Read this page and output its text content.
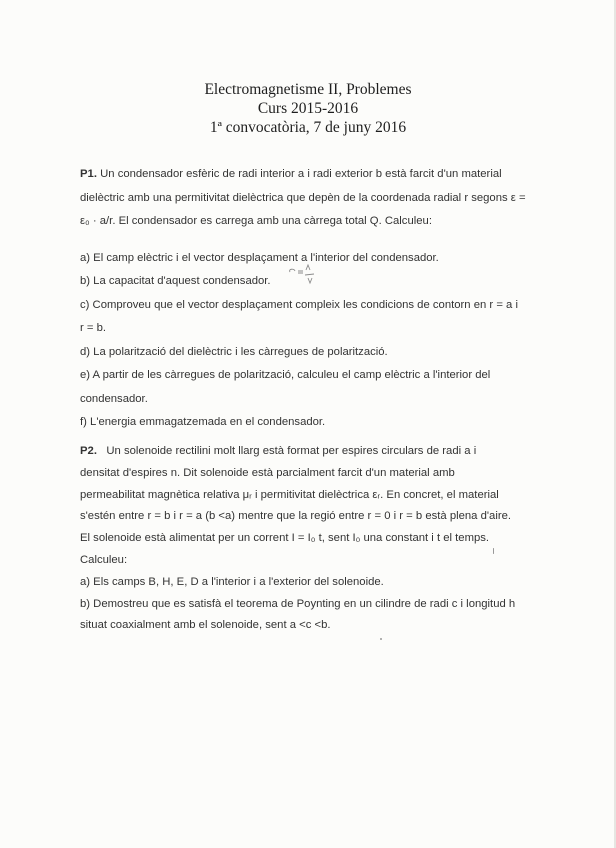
Electromagnetisme II, Problemes
Curs 2015-2016
1ª convocatòria, 7 de juny 2016
P1. Un condensador esfèric de radi interior a i radi exterior b està farcit d'un material
dielèctric amb una permitivitat dielèctrica que depèn de la coordenada radial r segons ε =
ε₀ · a/r. El condensador es carrega amb una càrrega total Q. Calculeu:
a) El camp elèctric i el vector desplaçament a l'interior del condensador.
b) La capacitat d'aquest condensador.
c) Comproveu que el vector desplaçament compleix les condicions de contorn en r = a i
r = b.
d) La polarització del dielèctric i les càrregues de polarització.
e) A partir de les càrregues de polarització, calculeu el camp elèctric a l'interior del
condensador.
f) L'energia emmagatzemada en el condensador.
P2. Un solenoide rectilini molt llarg està format per espires circulars de radi a i
densitat d'espires n. Dit solenoide està parcialment farcit d'un material amb
permeabilitat magnètica relativa μᵣ i permitivitat dielèctrica εᵣ. En concret, el material
s'estén entre r = b i r = a (b <a) mentre que la regió entre r = 0 i r = b està plena d'aire.
El solenoide està alimentat per un corrent I = I₀ t, sent I₀ una constant i t el temps.
Calculeu:
a) Els camps B, H, E, D a l'interior i a l'exterior del solenoide.
b) Demostreu que es satisfà el teorema de Poynting en un cilindre de radi c i longitud h
situat coaxialment amb el solenoide, sent a <c <b.
